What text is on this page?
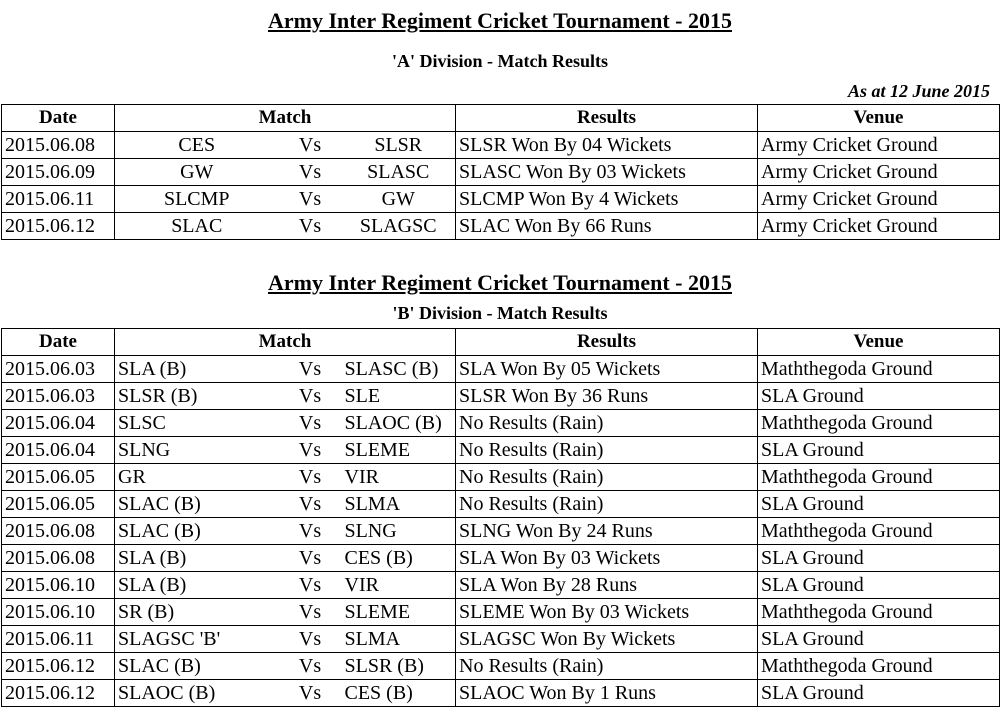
Army Inter Regiment Cricket Tournament - 2015
'A' Division - Match Results
As at 12 June 2015
Date	Match			Results	Venue
2015.06.08	CES	Vs	SLSR	SLSR Won By 04 Wickets	Army Cricket Ground
2015.06.09	GW	Vs	SLASC	SLASC Won By 03 Wickets	Army Cricket Ground
2015.06.11	SLCMP	Vs	GW	SLCMP Won By 4 Wickets	Army Cricket Ground
2015.06.12	SLAC	Vs	SLAGSC	SLAC Won By 66 Runs	Army Cricket Ground
Army Inter Regiment Cricket Tournament - 2015
'B' Division - Match Results
Date	Match			Results	Venue
2015.06.03	SLA (B)	Vs	SLASC (B)	SLA Won By 05 Wickets	Maththegoda Ground
2015.06.03	SLSR (B)	Vs	SLE	SLSR Won By 36 Runs	SLA Ground
2015.06.04	SLSC	Vs	SLAOC (B)	No Results (Rain)	Maththegoda Ground
2015.06.04	SLNG	Vs	SLEME	No Results (Rain)	SLA Ground
2015.06.05	GR	Vs	VIR	No Results (Rain)	Maththegoda Ground
2015.06.05	SLAC (B)	Vs	SLMA	No Results (Rain)	SLA Ground
2015.06.08	SLAC (B)	Vs	SLNG	SLNG Won By 24 Runs	Maththegoda Ground
2015.06.08	SLA (B)	Vs	CES (B)	SLA Won By 03 Wickets	SLA Ground
2015.06.10	SLA (B)	Vs	VIR	SLA Won By 28 Runs	SLA Ground
2015.06.10	SR (B)	Vs	SLEME	SLEME Won By 03 Wickets	Maththegoda Ground
2015.06.11	SLAGSC 'B'	Vs	SLMA	SLAGSC Won By Wickets	SLA Ground
2015.06.12	SLAC (B)	Vs	SLSR (B)	No Results (Rain)	Maththegoda Ground
2015.06.12	SLAOC (B)	Vs	CES (B)	SLAOC Won By 1 Runs	SLA Ground
